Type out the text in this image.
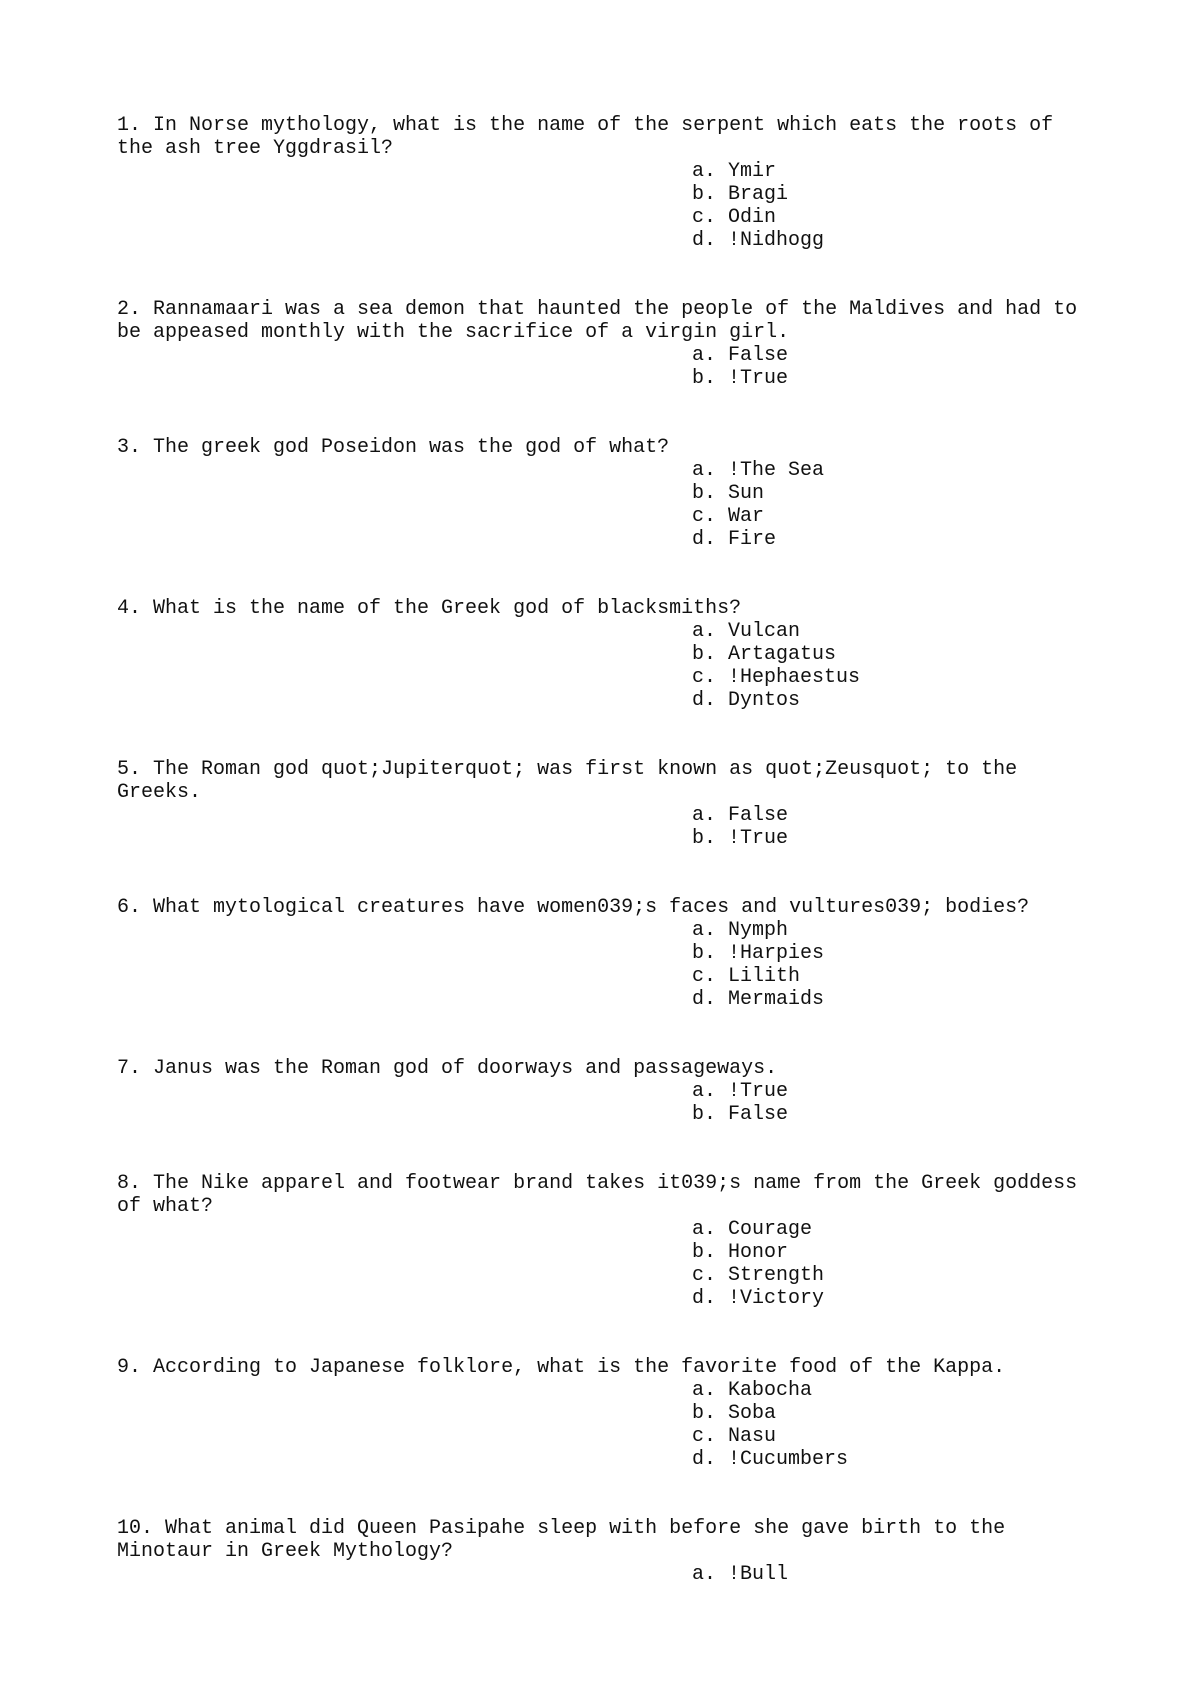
1. In Norse mythology, what is the name of the serpent which eats the roots of
the ash tree Yggdrasil?
a. Ymir
b. Bragi
c. Odin
d. !Nidhogg
2. Rannamaari was a sea demon that haunted the people of the Maldives and had to
be appeased monthly with the sacrifice of a virgin girl.
a. False
b. !True
3. The greek god Poseidon was the god of what?
a. !The Sea
b. Sun
c. War
d. Fire
4. What is the name of the Greek god of blacksmiths?
a. Vulcan
b. Artagatus
c. !Hephaestus
d. Dyntos
5. The Roman god quot;Jupiterquot; was first known as quot;Zeusquot; to the
Greeks.
a. False
b. !True
6. What mytological creatures have women039;s faces and vultures039; bodies?
a. Nymph
b. !Harpies
c. Lilith
d. Mermaids
7. Janus was the Roman god of doorways and passageways.
a. !True
b. False
8. The Nike apparel and footwear brand takes it039;s name from the Greek goddess
of what?
a. Courage
b. Honor
c. Strength
d. !Victory
9. According to Japanese folklore, what is the favorite food of the Kappa.
a. Kabocha
b. Soba
c. Nasu
d. !Cucumbers
10. What animal did Queen Pasipahe sleep with before she gave birth to the
Minotaur in Greek Mythology?
a. !Bull
